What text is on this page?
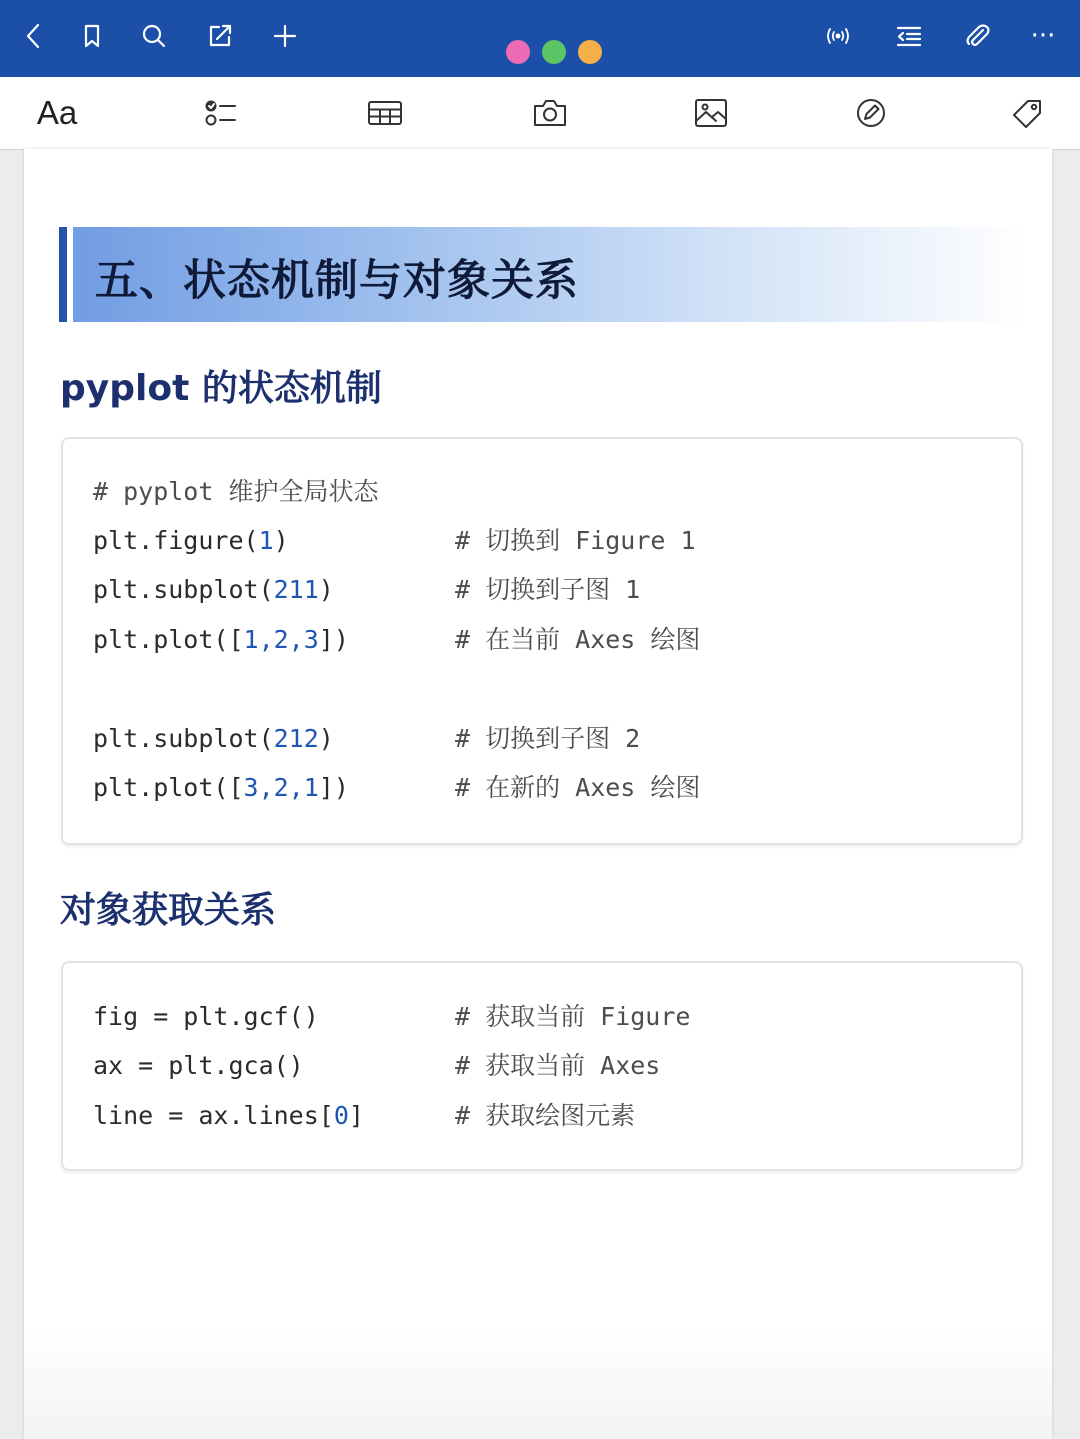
···
Aa
五、状态机制与对象关系
pyplot 的状态机制
# pyplot 维护全局状态
plt.figure(1)	# 切换到 Figure 1
plt.subplot(211)	# 切换到子图 1
plt.plot([1,2,3])	# 在当前 Axes 绘图
plt.subplot(212)	# 切换到子图 2
plt.plot([3,2,1])	# 在新的 Axes 绘图
对象获取关系
fig = plt.gcf()	# 获取当前 Figure
ax = plt.gca()	# 获取当前 Axes
line = ax.lines[0]	# 获取绘图元素
